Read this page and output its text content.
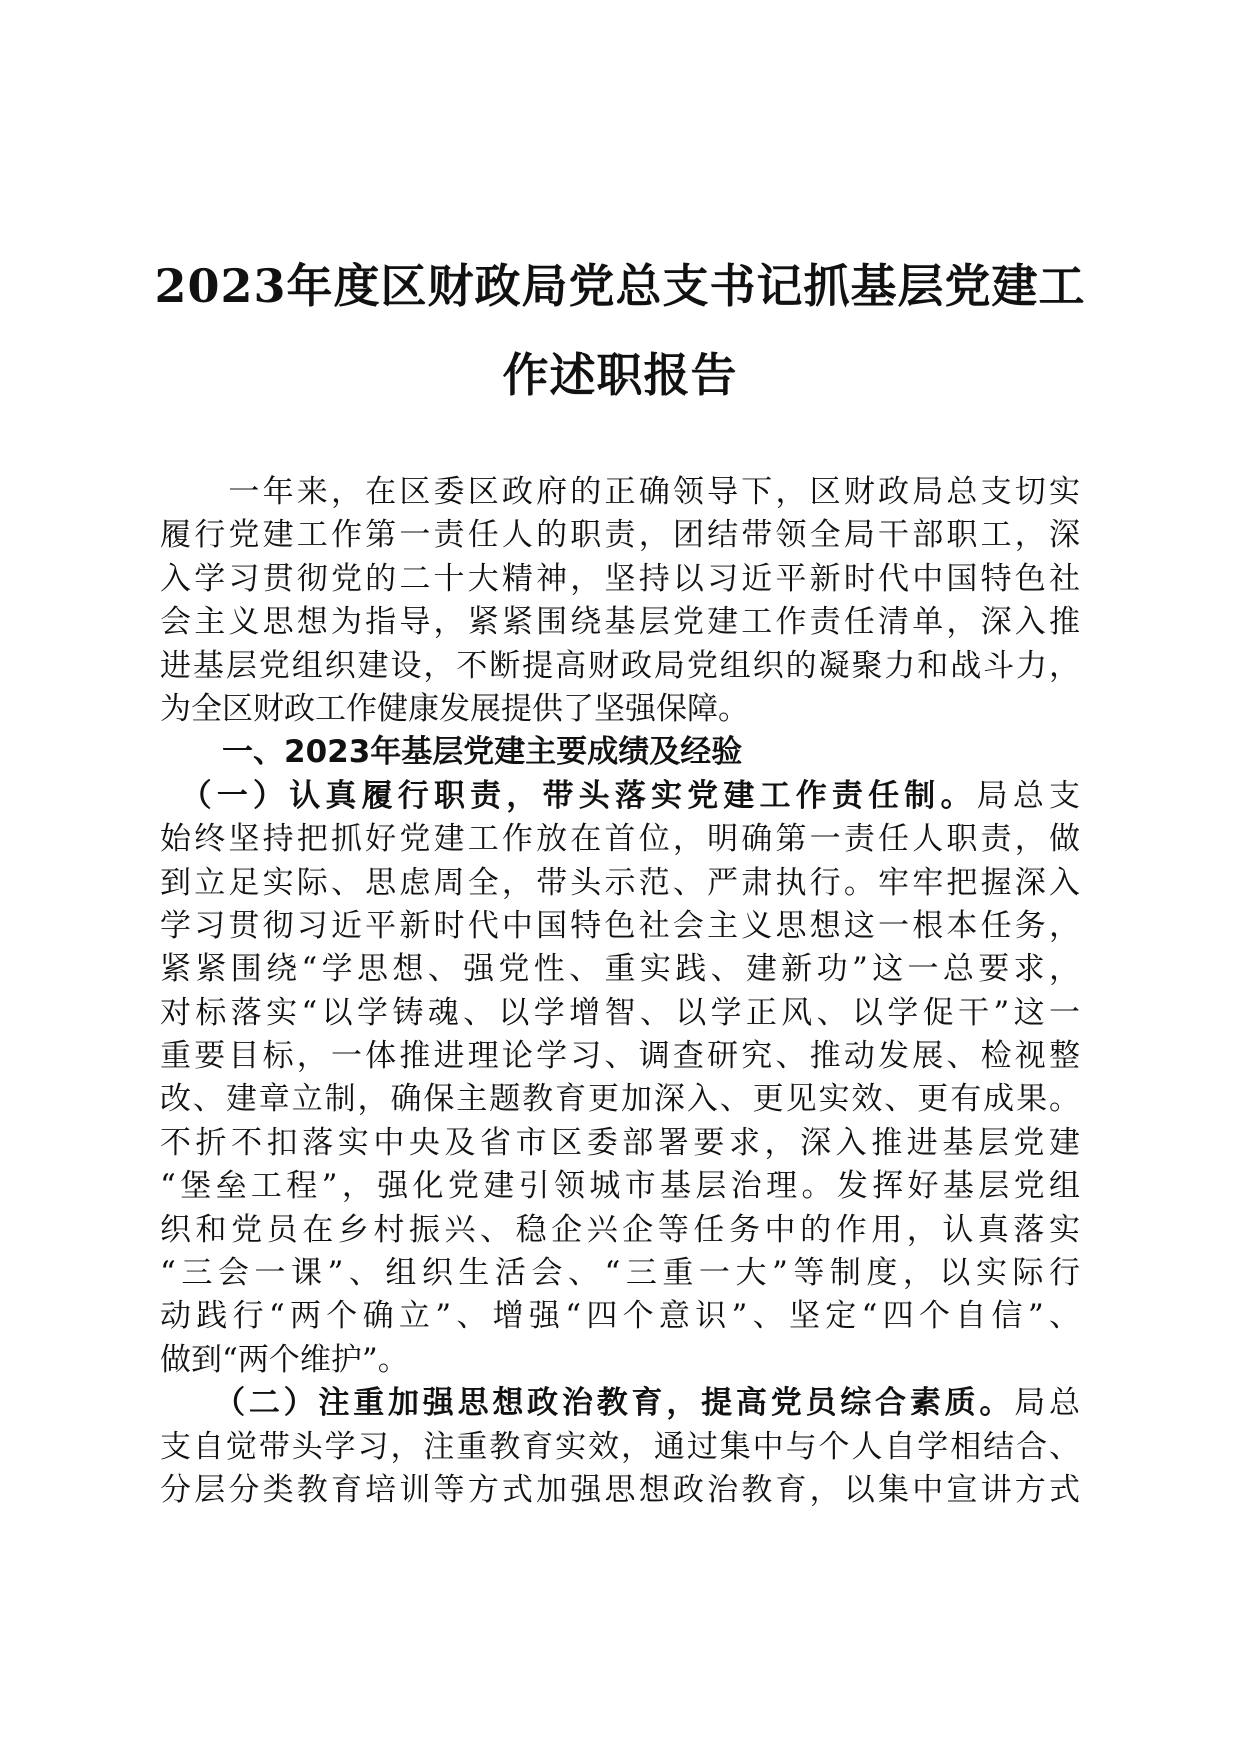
2023年度区财政局党总支书记抓基层党建工
作述职报告
　　一年来，在区委区政府的正确领导下，区财政局总支切实
履行党建工作第一责任人的职责，团结带领全局干部职工，深
入学习贯彻党的二十大精神，坚持以习近平新时代中国特色社
会主义思想为指导，紧紧围绕基层党建工作责任清单，深入推
进基层党组织建设，不断提高财政局党组织的凝聚力和战斗力，
为全区财政工作健康发展提供了坚强保障。
一、2023年基层党建主要成绩及经验
　（一）认真履行职责，带头落实党建工作责任制。局总支
始终坚持把抓好党建工作放在首位，明确第一责任人职责，做
到立足实际、思虑周全，带头示范、严肃执行。牢牢把握深入
学习贯彻习近平新时代中国特色社会主义思想这一根本任务，
紧紧围绕“学思想、强党性、重实践、建新功”这一总要求，
对标落实“以学铸魂、以学增智、以学正风、以学促干”这一
重要目标，一体推进理论学习、调查研究、推动发展、检视整
改、建章立制，确保主题教育更加深入、更见实效、更有成果。
不折不扣落实中央及省市区委部署要求，深入推进基层党建
“堡垒工程”，强化党建引领城市基层治理。发挥好基层党组
织和党员在乡村振兴、稳企兴企等任务中的作用，认真落实
“三会一课”、组织生活会、“三重一大”等制度，以实际行
动践行“两个确立”、增强“四个意识”、坚定“四个自信”、
做到“两个维护”。
　　（二）注重加强思想政治教育，提高党员综合素质。局总
支自觉带头学习，注重教育实效，通过集中与个人自学相结合、
分层分类教育培训等方式加强思想政治教育，以集中宣讲方式
